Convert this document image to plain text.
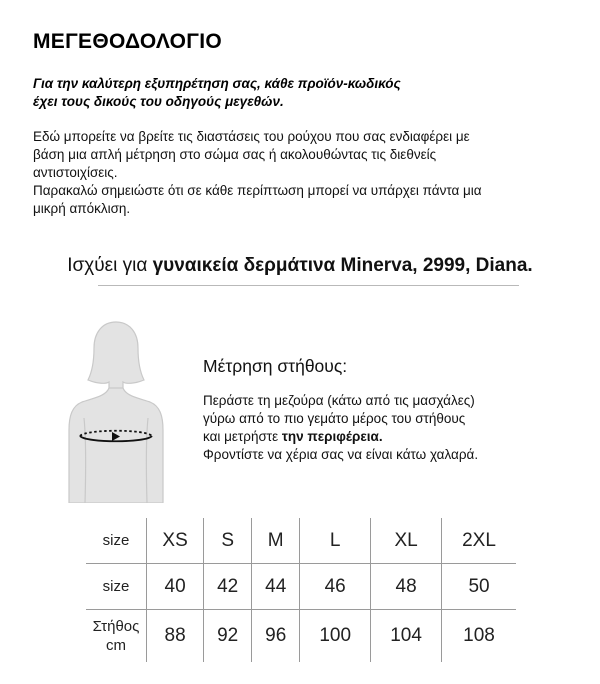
ΜΕΓΕΘΟΔΟΛΟΓΙΟ
Για την καλύτερη εξυπηρέτηση σας, κάθε προϊόν-κωδικός
έχει τους δικούς του οδηγούς μεγεθών.
Εδώ μπορείτε να βρείτε τις διαστάσεις του ρούχου που σας ενδιαφέρει με
βάση μια απλή μέτρηση στο σώμα σας ή ακολουθώντας τις διεθνείς
αντιστοιχίσεις.
Παρακαλώ σημειώστε ότι σε κάθε περίπτωση μπορεί να υπάρχει πάντα μια
μικρή απόκλιση.
Ισχύει για γυναικεία δερμάτινα Minerva, 2999, Diana.
Μέτρηση στήθους:
Περάστε τη μεζούρα (κάτω από τις μασχάλες)
γύρω από το πιο γεμάτο μέρος του στήθους
και μετρήστε την περιφέρεια.
Φροντίστε να χέρια σας να είναι κάτω χαλαρά.
size	XS	S	M	L	XL	2XL
size	40	42	44	46	48	50
Στήθος
cm	88	92	96	100	104	108
